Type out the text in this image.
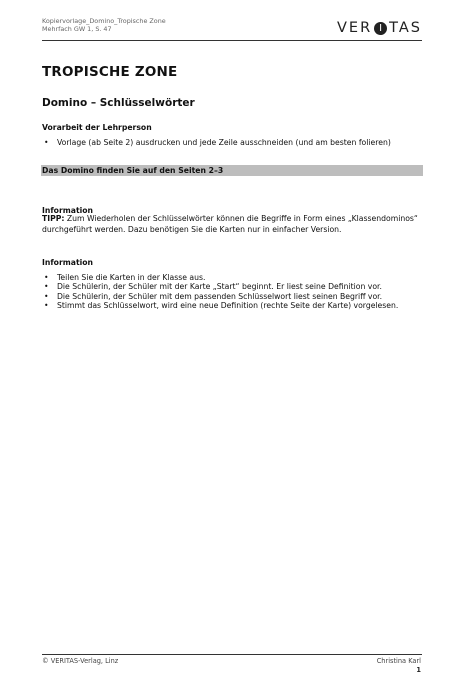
Kopiervorlage_Domino_Tropische Zone
Mehrfach GW 1, S. 47	VER I TAS
TROPISCHE ZONE
Domino – Schlüsselwörter
Vorarbeit der Lehrperson
• Vorlage (ab Seite 2) ausdrucken und jede Zeile ausschneiden (und am besten folieren)
Das Domino finden Sie auf den Seiten 2–3
Information
TIPP: Zum Wiederholen der Schlüsselwörter können die Begriffe in Form eines „Klassendominos“ durchgeführt werden. Dazu benötigen Sie die Karten nur in einfacher Version.
Information
• Teilen Sie die Karten in der Klasse aus.
• Die Schülerin, der Schüler mit der Karte „Start“ beginnt. Er liest seine Definition vor.
• Die Schülerin, der Schüler mit dem passenden Schlüsselwort liest seinen Begriff vor.
• Stimmt das Schlüsselwort, wird eine neue Definition (rechte Seite der Karte) vorgelesen.
© VERITAS-Verlag, Linz	Christina Karl
1
